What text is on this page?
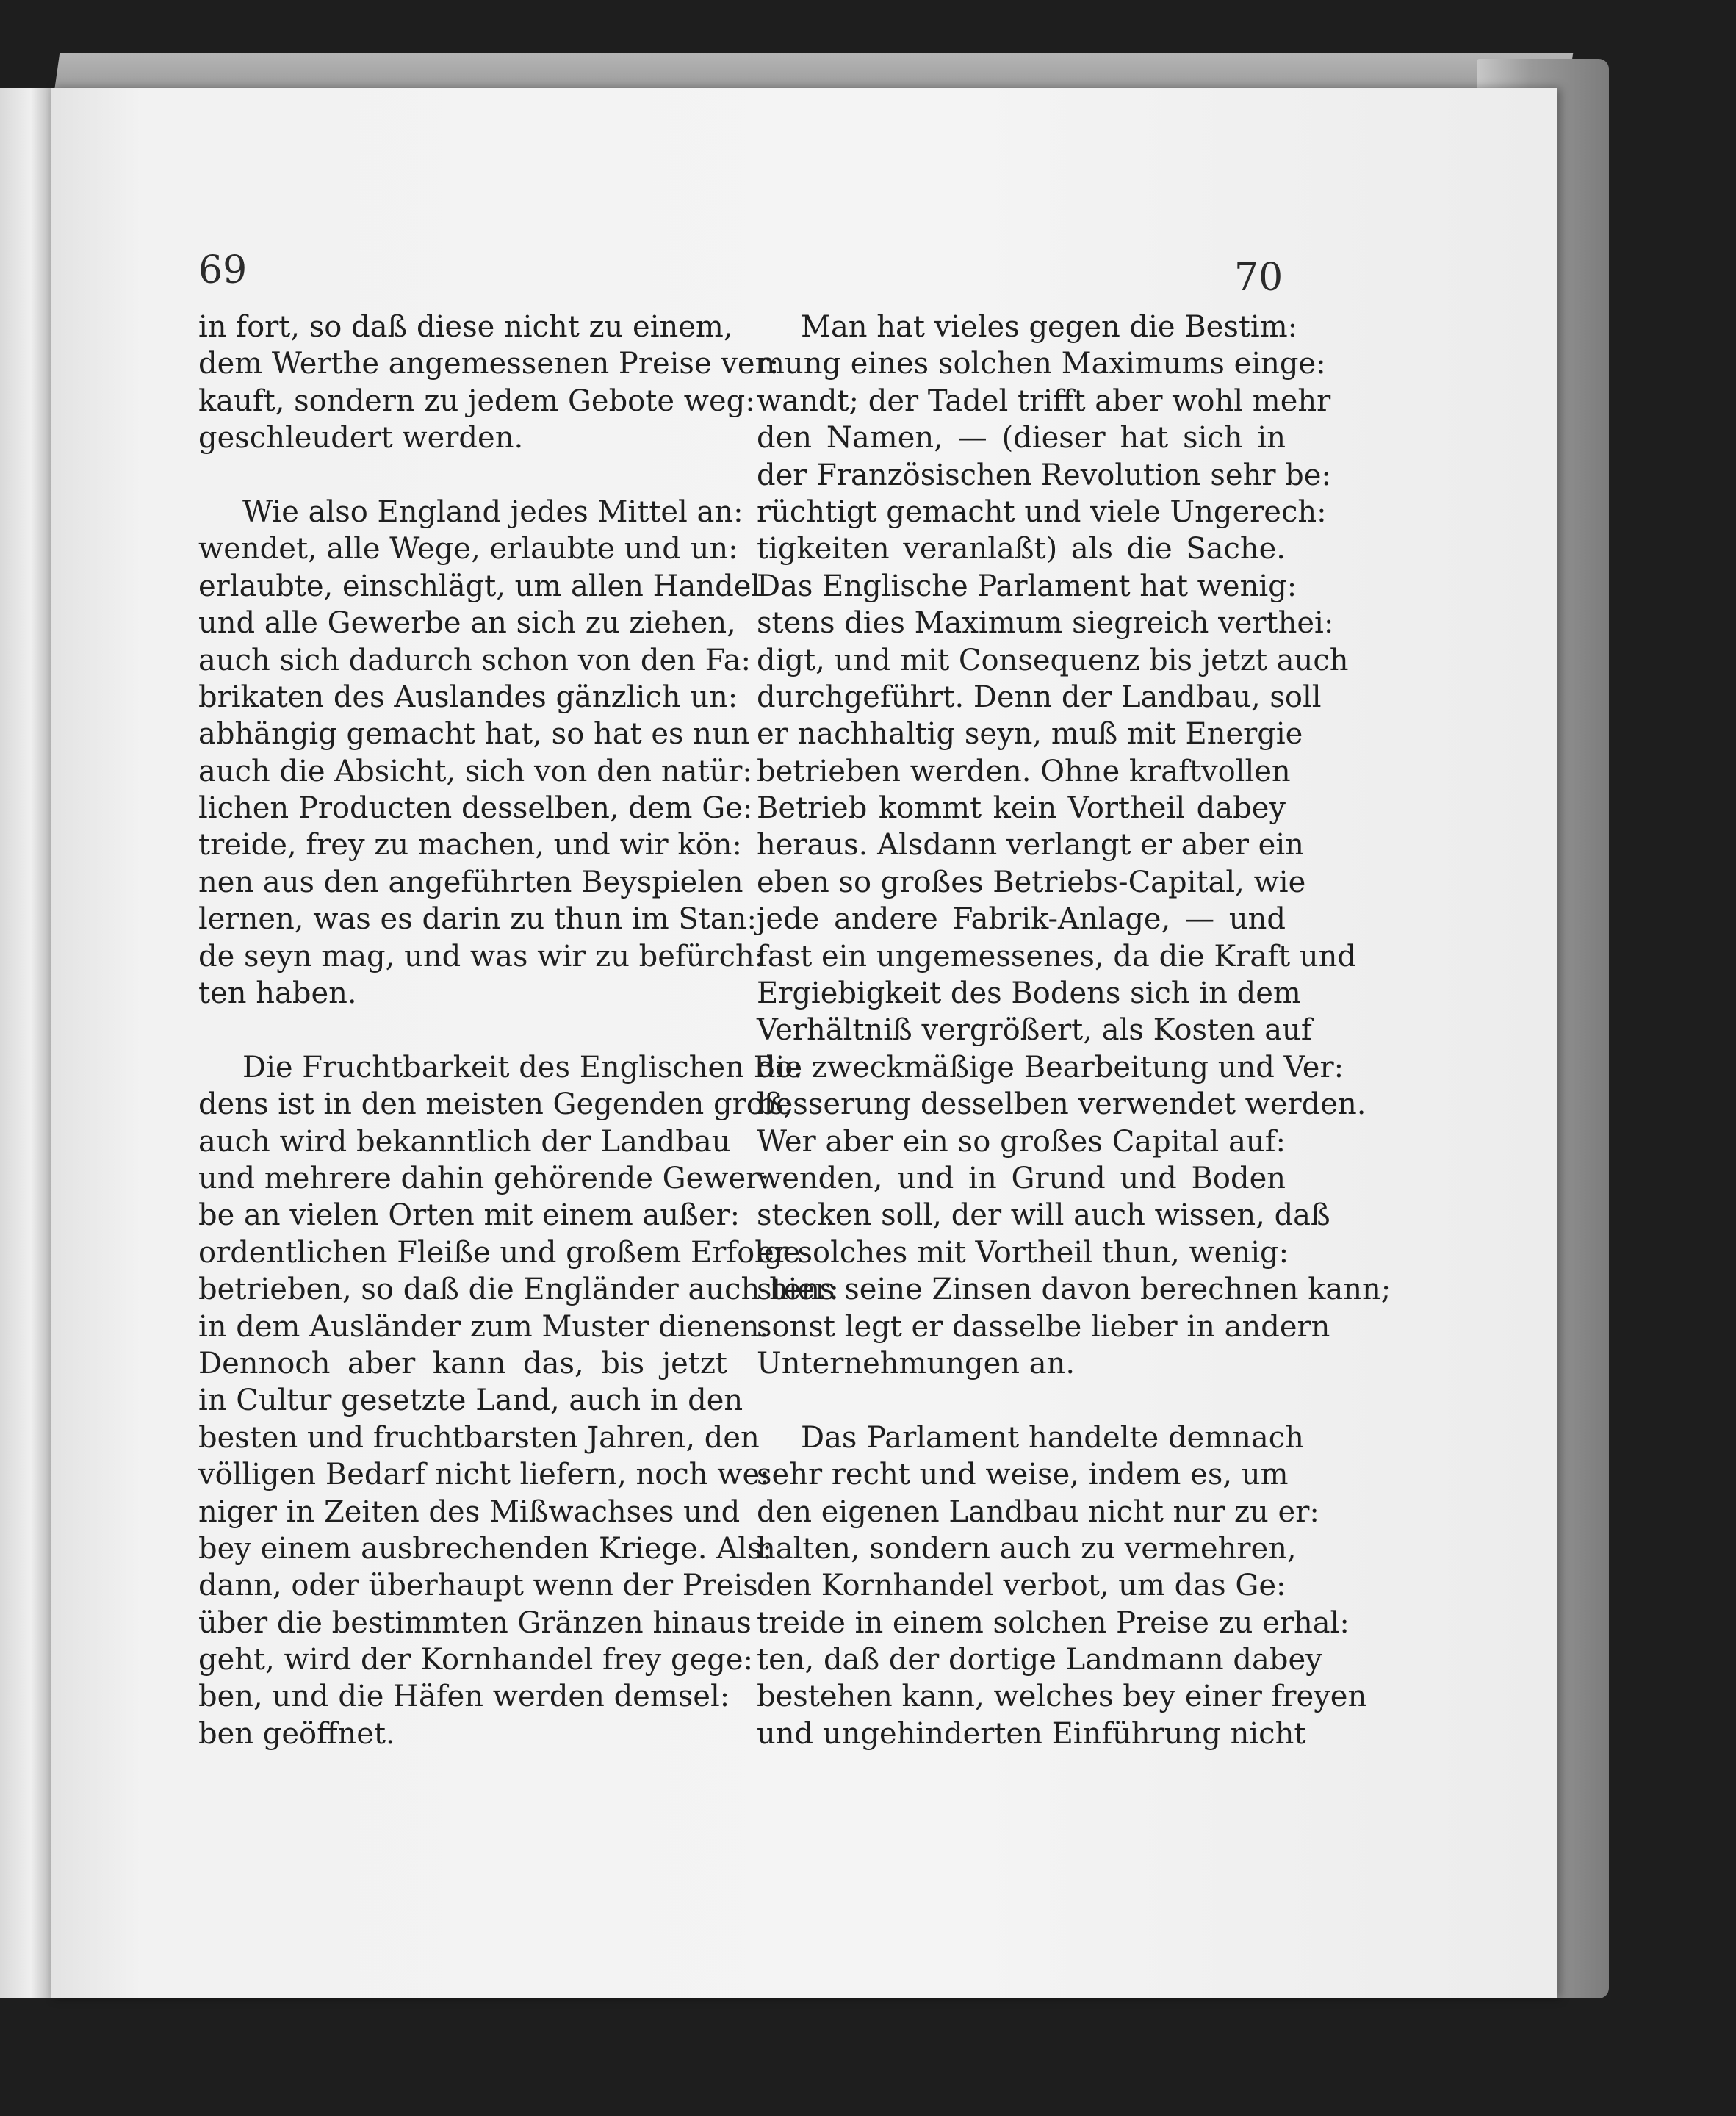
69	70
in fort, so daß diese nicht zu einem,
dem Werthe angemessenen Preise ver:
kauft, sondern zu jedem Gebote weg:
geschleudert werden.
Wie also England jedes Mittel an:
wendet, alle Wege, erlaubte und un:
erlaubte, einschlägt, um allen Handel
und alle Gewerbe an sich zu ziehen,
auch sich dadurch schon von den Fa:
brikaten des Auslandes gänzlich un:
abhängig gemacht hat, so hat es nun
auch die Absicht, sich von den natür:
lichen Producten desselben, dem Ge:
treide, frey zu machen, und wir kön:
nen aus den angeführten Beyspielen
lernen, was es darin zu thun im Stan:
de seyn mag, und was wir zu befürch:
ten haben.
Die Fruchtbarkeit des Englischen Bo:
dens ist in den meisten Gegenden groß;
auch wird bekanntlich der Landbau
und mehrere dahin gehörende Gewer:
be an vielen Orten mit einem außer:
ordentlichen Fleiße und großem Erfolge
betrieben, so daß die Engländer auch hier:
in dem Ausländer zum Muster dienen.
Dennoch aber kann das, bis jetzt
in Cultur gesetzte Land, auch in den
besten und fruchtbarsten Jahren, den
völligen Bedarf nicht liefern, noch we:
niger in Zeiten des Mißwachses und
bey einem ausbrechenden Kriege. Als:
dann, oder überhaupt wenn der Preis
über die bestimmten Gränzen hinaus
geht, wird der Kornhandel frey gege:
ben, und die Häfen werden demsel:
ben geöffnet.
Man hat vieles gegen die Bestim:
mung eines solchen Maximums einge:
wandt; der Tadel trifft aber wohl mehr
den Namen, — (dieser hat sich in
der Französischen Revolution sehr be:
rüchtigt gemacht und viele Ungerech:
tigkeiten veranlaßt) als die Sache.
Das Englische Parlament hat wenig:
stens dies Maximum siegreich verthei:
digt, und mit Consequenz bis jetzt auch
durchgeführt. Denn der Landbau, soll
er nachhaltig seyn, muß mit Energie
betrieben werden. Ohne kraftvollen
Betrieb kommt kein Vortheil dabey
heraus. Alsdann verlangt er aber ein
eben so großes Betriebs-Capital, wie
jede andere Fabrik-Anlage, — und
fast ein ungemessenes, da die Kraft und
Ergiebigkeit des Bodens sich in dem
Verhältniß vergrößert, als Kosten auf
die zweckmäßige Bearbeitung und Ver:
besserung desselben verwendet werden.
Wer aber ein so großes Capital auf:
wenden, und in Grund und Boden
stecken soll, der will auch wissen, daß
er solches mit Vortheil thun, wenig:
stens seine Zinsen davon berechnen kann;
sonst legt er dasselbe lieber in andern
Unternehmungen an.
Das Parlament handelte demnach
sehr recht und weise, indem es, um
den eigenen Landbau nicht nur zu er:
halten, sondern auch zu vermehren,
den Kornhandel verbot, um das Ge:
treide in einem solchen Preise zu erhal:
ten, daß der dortige Landmann dabey
bestehen kann, welches bey einer freyen
und ungehinderten Einführung nicht
